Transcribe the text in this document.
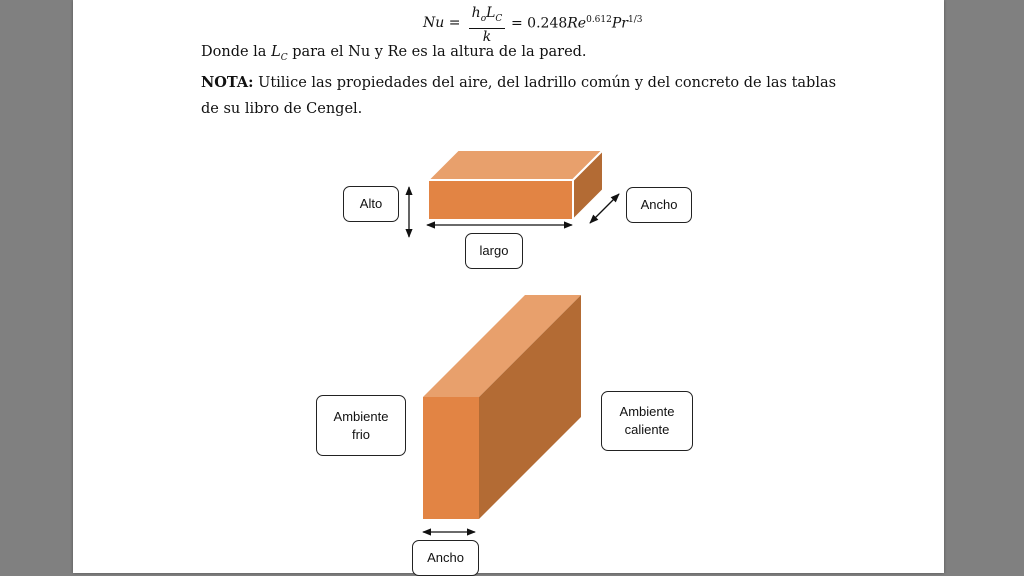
Nu =
$h_oL_C$
k
= $0.248Re^{0.612}Pr^{1/3}$
Donde la $L_C$ para el Nu y Re es la altura de la pared.
NOTA: Utilice las propiedades del aire, del ladrillo común y del concreto de las tablas de su libro de Cengel.
Alto	Ancho
largo
Ambiente
frio
Ambiente
caliente
Ancho
